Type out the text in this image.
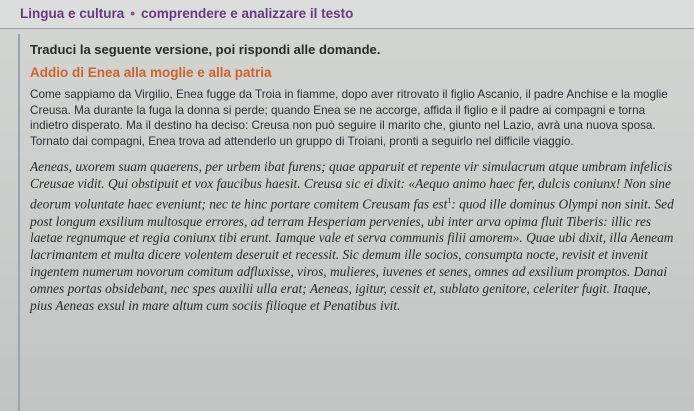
Lingua e cultura • comprendere e analizzare il testo

Traduci la seguente versione, poi rispondi alle domande.

Addio di Enea alla moglie e alla patria

Come sappiamo da Virgilio, Enea fugge da Troia in fiamme, dopo aver ritrovato il figlio Ascanio, il padre Anchise e la moglie Creusa. Ma durante la fuga la donna si perde; quando Enea se ne accorge, affida il figlio e il padre ai compagni e torna indietro disperato. Ma il destino ha deciso: Creusa non può seguire il marito che, giunto nel Lazio, avrà una nuova sposa. Tornato dai compagni, Enea trova ad attenderlo un gruppo di Troiani, pronti a seguirlo nel difficile viaggio.

Aeneas, uxorem suam quaerens, per urbem ibat furens; quae apparuit et repente vir simulacrum atque umbram infelicis Creusae vidit. Qui obstipuit et vox faucibus haesit. Creusa sic ei dixit: «Aequo animo haec fer, dulcis coniunx! Non sine deorum voluntate haec eveniunt; nec te hinc portare comitem Creusam fas est$^1$: quod ille dominus Olympi non sinit. Sed post longum exsilium multosque errores, ad terram Hesperiam pervenies, ubi inter arva opima fluit Tiberis: illic res laetae regnumque et regia coniunx tibi erunt. Iamque vale et serva communis filii amorem». Quae ubi dixit, illa Aeneam lacrimantem et multa dicere volentem deseruit et recessit. Sic demum ille socios, consumpta nocte, revisit et invenit ingentem numerum novorum comitum adfluxisse, viros, mulieres, iuvenes et senes, omnes ad exsilium promptos. Danai omnes portas obsidebant, nec spes auxilii ulla erat; Aeneas, igitur, cessit et, sublato genitore, celeriter fugit. Itaque, pius Aeneas exsul in mare altum cum sociis filioque et Penatibus ivit.
